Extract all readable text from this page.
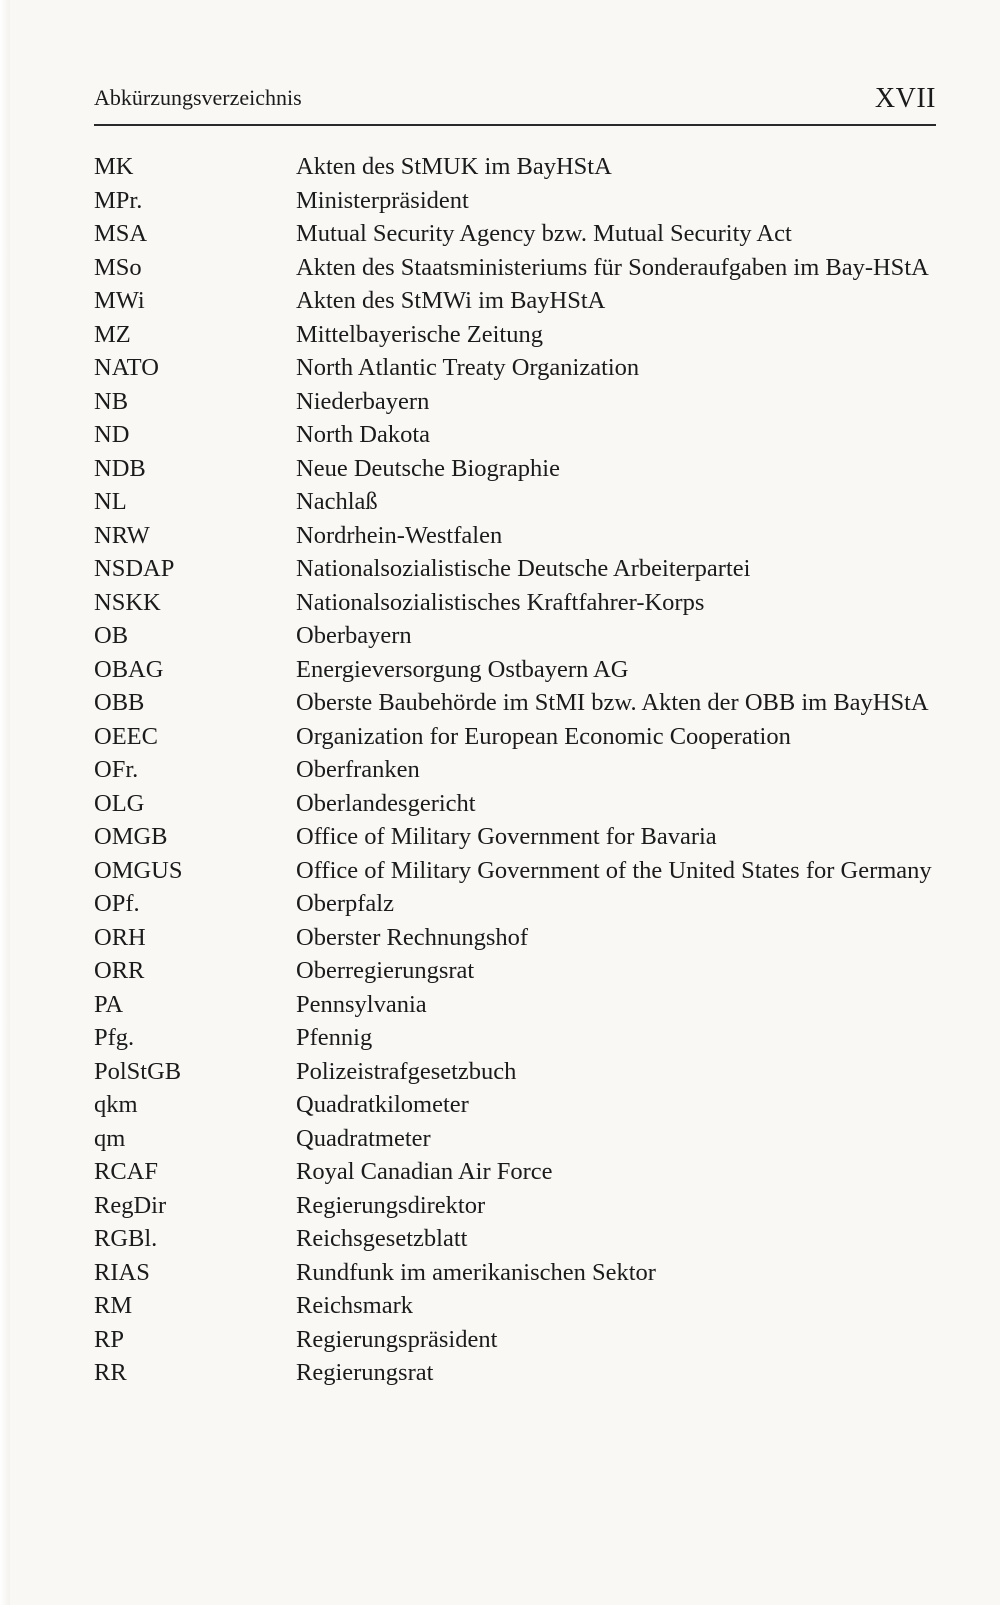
Abkürzungsverzeichnis	XVII
MK	Akten des StMUK im BayHStA
MPr.	Ministerpräsident
MSA	Mutual Security Agency bzw. Mutual Security Act
MSo	Akten des Staatsministeriums für Sonderaufgaben im Bay-HStA
MWi	Akten des StMWi im BayHStA
MZ	Mittelbayerische Zeitung
NATO	North Atlantic Treaty Organization
NB	Niederbayern
ND	North Dakota
NDB	Neue Deutsche Biographie
NL	Nachlaß
NRW	Nordrhein-Westfalen
NSDAP	Nationalsozialistische Deutsche Arbeiterpartei
NSKK	Nationalsozialistisches Kraftfahrer-Korps
OB	Oberbayern
OBAG	Energieversorgung Ostbayern AG
OBB	Oberste Baubehörde im StMI bzw. Akten der OBB im BayHStA
OEEC	Organization for European Economic Cooperation
OFr.	Oberfranken
OLG	Oberlandesgericht
OMGB	Office of Military Government for Bavaria
OMGUS	Office of Military Government of the United States for Germany
OPf.	Oberpfalz
ORH	Oberster Rechnungshof
ORR	Oberregierungsrat
PA	Pennsylvania
Pfg.	Pfennig
PolStGB	Polizeistrafgesetzbuch
qkm	Quadratkilometer
qm	Quadratmeter
RCAF	Royal Canadian Air Force
RegDir	Regierungsdirektor
RGBl.	Reichsgesetzblatt
RIAS	Rundfunk im amerikanischen Sektor
RM	Reichsmark
RP	Regierungspräsident
RR	Regierungsrat
